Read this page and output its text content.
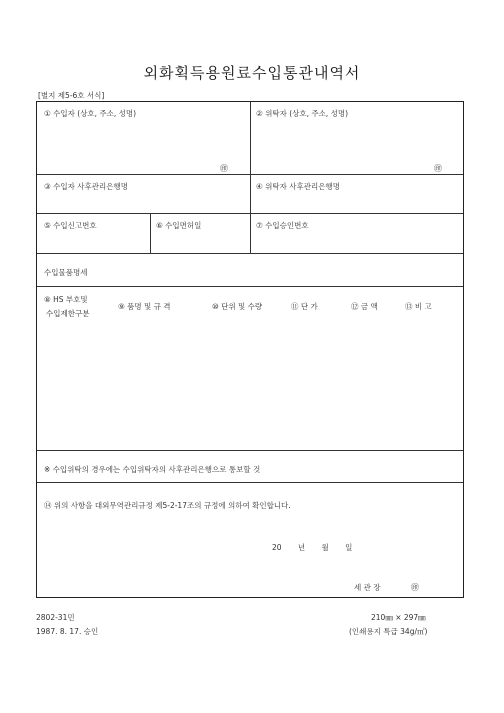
외화획득용원료수입통관내역서
[별지 제5-6호 서식]
① 수입자 (상호, 주소, 성명)
㊞
② 위탁자 (상호, 주소, 성명)
㊞
③ 수입자 사후관리은행명	④ 위탁자 사후관리은행명
⑤ 수입신고번호	⑥ 수입면허일	⑦ 수입승인번호
수입물품명세
⑧ HS 부호및
수입제한구분
⑨ 품명 및 규 격	⑩ 단위 및 수량	⑪ 단 가	⑫ 금 액	⑬ 비 고
※ 수입위탁의 경우에는 수입위탁자의 사후관리은행으로 통보할 것
⑭ 위의 사항을 대외무역관리규정 제5-2-17조의 규정에 의하여 확인합니다.
20 년 월 일
세 관 장	㊞
2802-31민
1987. 8. 17. 승인
210㎜ × 297㎜
(인쇄용지 특급 34g/㎡)
